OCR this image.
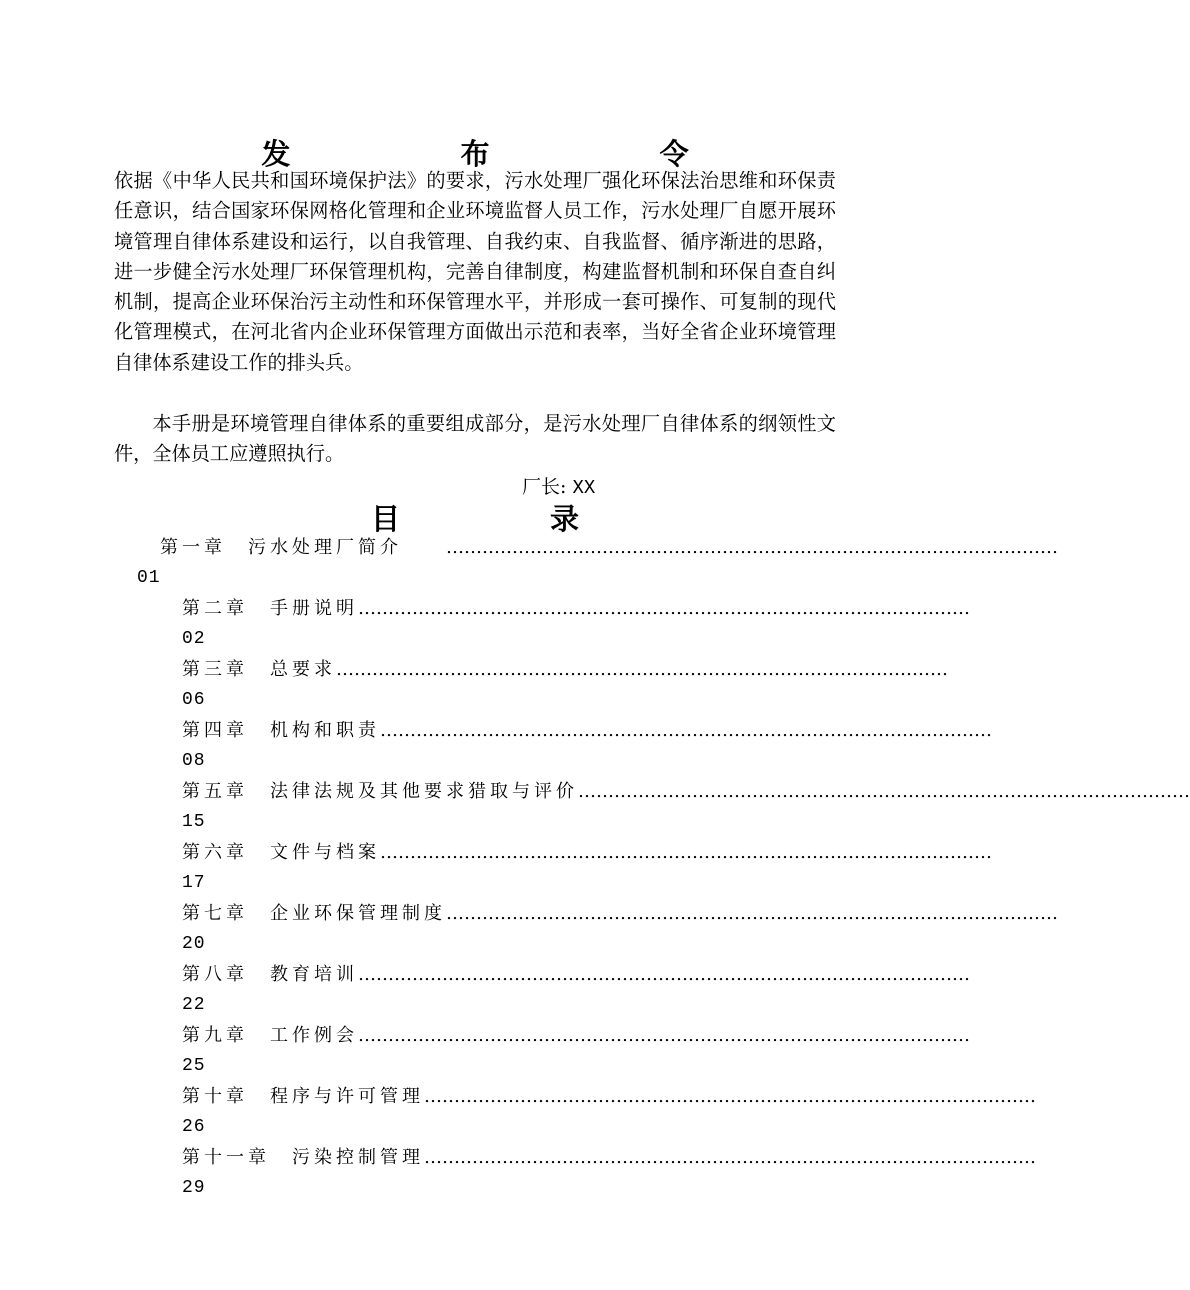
发 布 令
依据《中华人民共和国环境保护法》的要求，污水处理厂强化环保法治思维和环保责任意识，结合国家环保网格化管理和企业环境监督人员工作，污水处理厂自愿开展环境管理自律体系建设和运行，以自我管理、自我约束、自我监督、循序渐进的思路，进一步健全污水处理厂环保管理机构，完善自律制度，构建监督机制和环保自查自纠机制，提高企业环保治污主动性和环保管理水平，并形成一套可操作、可复制的现代化管理模式，在河北省内企业环保管理方面做出示范和表率，当好全省企业环境管理自律体系建设工作的排头兵。
本手册是环境管理自律体系的重要组成部分，是污水处理厂自律体系的纲领性文件，全体员工应遵照执行。
厂长: XX
目 录
第一章 污水处理厂简介 …………………………………………………………………………………………
01
第二章 手册说明…………………………………………………………………………………………
02
第三章 总要求…………………………………………………………………………………………
06
第四章 机构和职责…………………………………………………………………………………………
08
第五章 法律法规及其他要求猎取与评价…………………………………………………………………………………………
15
第六章 文件与档案…………………………………………………………………………………………
17
第七章 企业环保管理制度…………………………………………………………………………………………
20
第八章 教育培训…………………………………………………………………………………………
22
第九章 工作例会…………………………………………………………………………………………
25
第十章 程序与许可管理…………………………………………………………………………………………
26
第十一章 污染控制管理…………………………………………………………………………………………
29
